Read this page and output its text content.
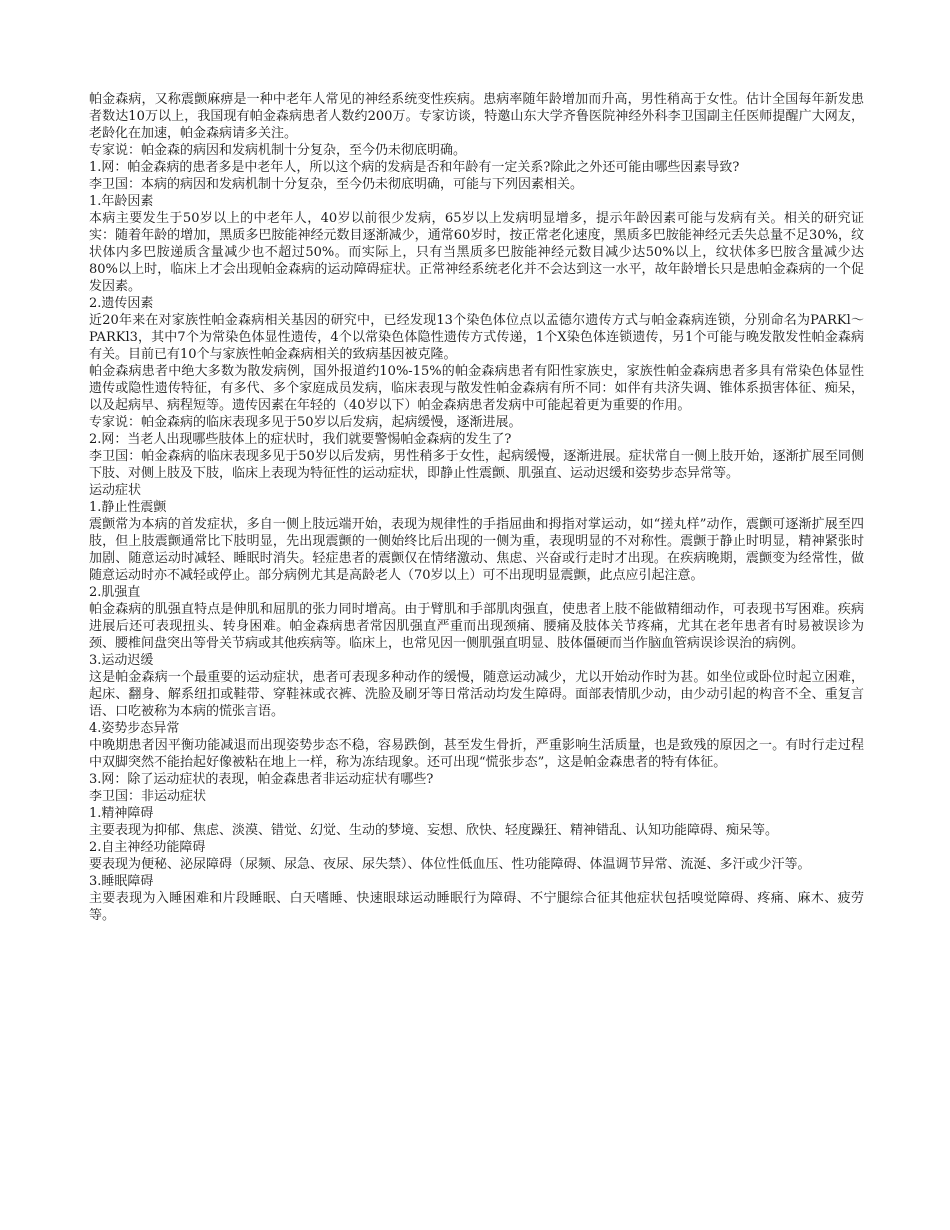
帕金森病，又称震颤麻痹是一种中老年人常见的神经系统变性疾病。患病率随年龄增加而升高，男性稍高于女性。估计全国每年新发患者数达10万以上，我国现有帕金森病患者人数约200万。专家访谈，特邀山东大学齐鲁医院神经外科李卫国副主任医师提醒广大网友，老龄化在加速，帕金森病请多关注。

专家说：帕金森的病因和发病机制十分复杂，至今仍未彻底明确。

1.网：帕金森病的患者多是中老年人，所以这个病的发病是否和年龄有一定关系?除此之外还可能由哪些因素导致?

李卫国：本病的病因和发病机制十分复杂，至今仍未彻底明确，可能与下列因素相关。

1.年龄因素

本病主要发生于50岁以上的中老年人，40岁以前很少发病，65岁以上发病明显增多，提示年龄因素可能与发病有关。相关的研究证实：随着年龄的增加，黑质多巴胺能神经元数目逐渐减少，通常60岁时，按正常老化速度，黑质多巴胺能神经元丢失总量不足30%，纹状体内多巴胺递质含量减少也不超过50%。而实际上，只有当黑质多巴胺能神经元数目减少达50%以上，纹状体多巴胺含量减少达80%以上时，临床上才会出现帕金森病的运动障碍症状。正常神经系统老化并不会达到这一水平，故年龄增长只是患帕金森病的一个促发因素。

2.遗传因素

近20年来在对家族性帕金森病相关基因的研究中，已经发现13个染色体位点以孟德尔遗传方式与帕金森病连锁，分别命名为PARKl～PARKl3，其中7个为常染色体显性遗传，4个以常染色体隐性遗传方式传递，1个X染色体连锁遗传，另1个可能与晚发散发性帕金森病有关。目前已有10个与家族性帕金森病相关的致病基因被克隆。

帕金森病患者中绝大多数为散发病例，国外报道约10%-15%的帕金森病患者有阳性家族史，家族性帕金森病患者多具有常染色体显性遗传或隐性遗传特征，有多代、多个家庭成员发病，临床表现与散发性帕金森病有所不同：如伴有共济失调、锥体系损害体征、痴呆，以及起病早、病程短等。遗传因素在年轻的（40岁以下）帕金森病患者发病中可能起着更为重要的作用。

专家说：帕金森病的临床表现多见于50岁以后发病，起病缓慢，逐渐进展。

2.网：当老人出现哪些肢体上的症状时，我们就要警惕帕金森病的发生了?

李卫国：帕金森病的临床表现多见于50岁以后发病，男性稍多于女性，起病缓慢，逐渐进展。症状常自一侧上肢开始，逐渐扩展至同侧下肢、对侧上肢及下肢，临床上表现为特征性的运动症状，即静止性震颤、肌强直、运动迟缓和姿势步态异常等。

运动症状

1.静止性震颤

震颤常为本病的首发症状，多自一侧上肢远端开始，表现为规律性的手指屈曲和拇指对掌运动，如“搓丸样”动作，震颤可逐渐扩展至四肢，但上肢震颤通常比下肢明显，先出现震颤的一侧始终比后出现的一侧为重，表现明显的不对称性。震颤于静止时明显，精神紧张时加剧、随意运动时减轻、睡眠时消失。轻症患者的震颤仅在情绪激动、焦虑、兴奋或行走时才出现。在疾病晚期，震颤变为经常性，做随意运动时亦不减轻或停止。部分病例尤其是高龄老人（70岁以上）可不出现明显震颤，此点应引起注意。

2.肌强直

帕金森病的肌强直特点是伸肌和屈肌的张力同时增高。由于臂肌和手部肌肉强直，使患者上肢不能做精细动作，可表现书写困难。疾病进展后还可表现扭头、转身困难。帕金森病患者常因肌强直严重而出现颈痛、腰痛及肢体关节疼痛，尤其在老年患者有时易被误诊为颈、腰椎间盘突出等骨关节病或其他疾病等。临床上，也常见因一侧肌强直明显、肢体僵硬而当作脑血管病误诊误治的病例。

3.运动迟缓

这是帕金森病一个最重要的运动症状，患者可表现多种动作的缓慢，随意运动减少，尤以开始动作时为甚。如坐位或卧位时起立困难，起床、翻身、解系纽扣或鞋带、穿鞋袜或衣裤、洗脸及刷牙等日常活动均发生障碍。面部表情肌少动，由少动引起的构音不全、重复言语、口吃被称为本病的慌张言语。

4.姿势步态异常

中晚期患者因平衡功能减退而出现姿势步态不稳，容易跌倒，甚至发生骨折，严重影响生活质量，也是致残的原因之一。有时行走过程中双脚突然不能抬起好像被粘在地上一样，称为冻结现象。还可出现“慌张步态”，这是帕金森患者的特有体征。

3.网：除了运动症状的表现，帕金森患者非运动症状有哪些?

李卫国：非运动症状

1.精神障碍

主要表现为抑郁、焦虑、淡漠、错觉、幻觉、生动的梦境、妄想、欣快、轻度躁狂、精神错乱、认知功能障碍、痴呆等。

2.自主神经功能障碍

要表现为便秘、泌尿障碍（尿频、尿急、夜尿、尿失禁）、体位性低血压、性功能障碍、体温调节异常、流涎、多汗或少汗等。

3.睡眠障碍

主要表现为入睡困难和片段睡眠、白天嗜睡、快速眼球运动睡眠行为障碍、不宁腿综合征其他症状包括嗅觉障碍、疼痛、麻木、疲劳等。
